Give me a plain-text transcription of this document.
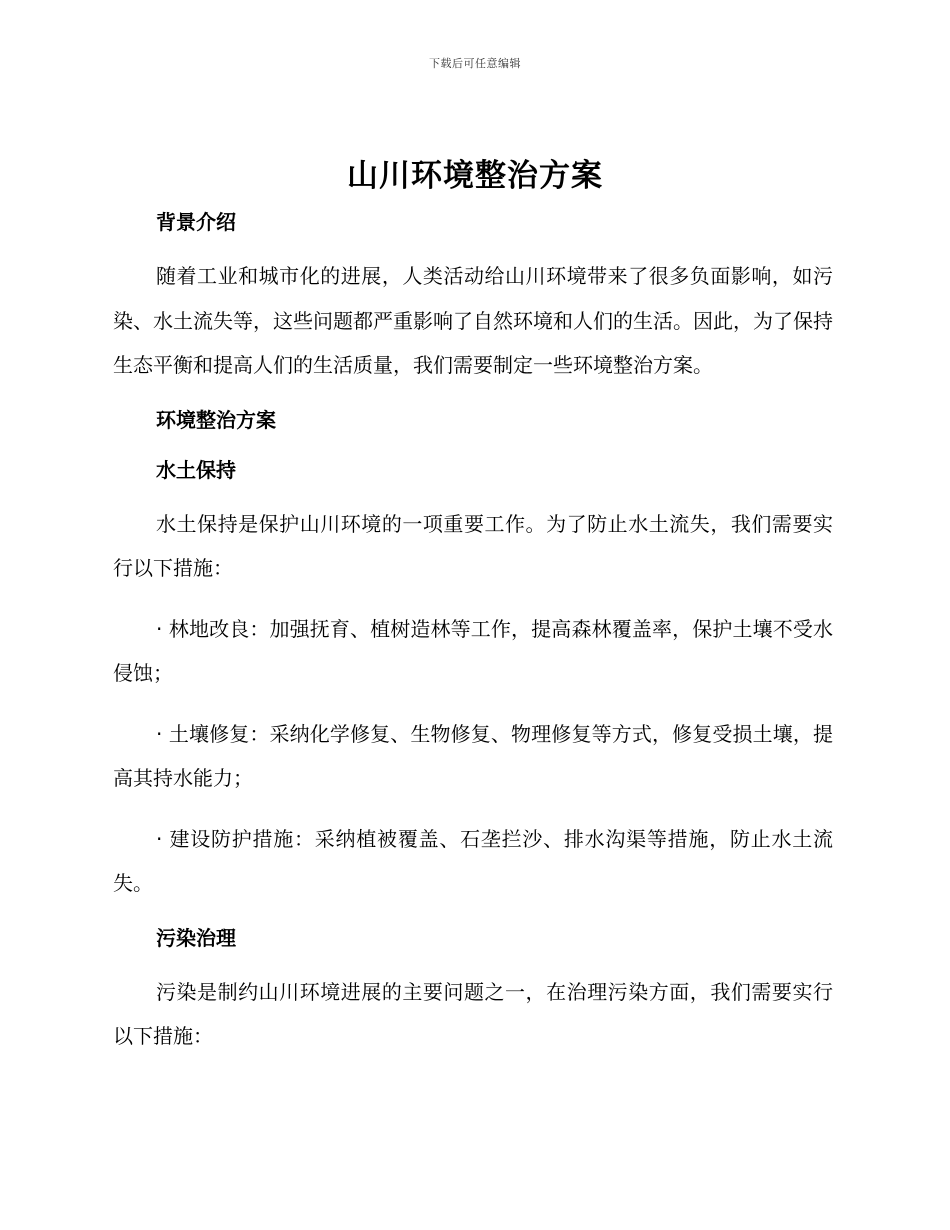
下载后可任意编辑
山川环境整治方案

背景介绍

随着工业和城市化的进展，人类活动给山川环境带来了很多负面影响，如污染、水土流失等，这些问题都严重影响了自然环境和人们的生活。因此，为了保持生态平衡和提高人们的生活质量，我们需要制定一些环境整治方案。

环境整治方案

水土保持

水土保持是保护山川环境的一项重要工作。为了防止水土流失，我们需要实行以下措施：

· 林地改良：加强抚育、植树造林等工作，提高森林覆盖率，保护土壤不受水侵蚀；

· 土壤修复：采纳化学修复、生物修复、物理修复等方式，修复受损土壤，提高其持水能力；

· 建设防护措施：采纳植被覆盖、石垄拦沙、排水沟渠等措施，防止水土流失。

污染治理

污染是制约山川环境进展的主要问题之一，在治理污染方面，我们需要实行以下措施：
